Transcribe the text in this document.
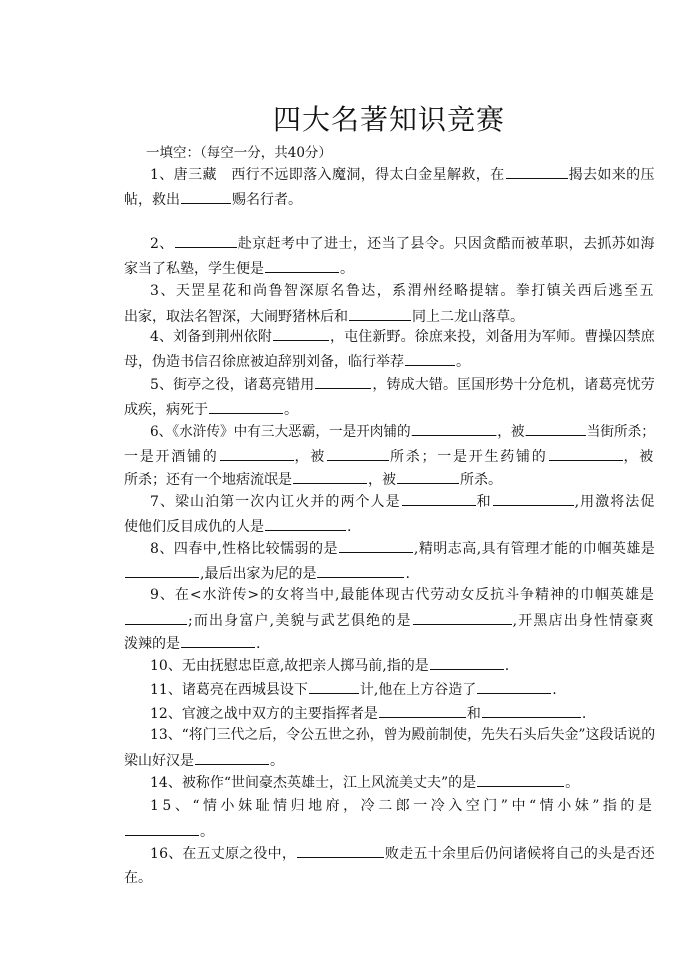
四大名著知识竞赛
一填空：（每空一分，共40分）
1、唐三藏　西行不远即落入魔洞，得太白金星解救，在	揭去如来的压
帖，救出	赐名行者。
2、	赴京赶考中了进士，还当了县令。只因贪酷而被革职，去抓苏如海
家当了私塾，学生便是	。
3、天罡星花和尚鲁智深原名鲁达，系渭州经略提辖。拳打镇关西后逃至五
出家，取法名智深，大闹野猪林后和	同上二龙山落草。
4、刘备到荆州依附	，屯住新野。徐庶来投，刘备用为军师。曹操囚禁庶
母，伪造书信召徐庶被迫辞别刘备，临行举荐	。
5、街亭之役，诸葛亮错用	，铸成大错。匡国形势十分危机，诸葛亮忧劳
成疾，病死于	。
6、《水浒传》中有三大恶霸，一是开肉铺的	，被	当街所杀；
一是开酒铺的	，被	所杀；一是开生药铺的	，被
所杀；还有一个地痞流氓是	，被	所杀。
7、梁山泊第一次内讧火并的两个人是	和	,用激将法促
使他们反目成仇的人是	.
8、四春中,性格比较懦弱的是	,精明志高,具有管理才能的巾帼英雄是
,最后出家为尼的是	.
9、在<水浒传>的女将当中,最能体现古代劳动女反抗斗争精神的巾帼英雄是
;而出身富户,美貌与武艺俱绝的是	,开黑店出身性情豪爽
泼辣的是	.
10、无由抚慰忠臣意,故把亲人掷马前,指的是	.
11、诸葛亮在西城县设下	计,他在上方谷造了	.
12、官渡之战中双方的主要指挥者是	和	.
13、“将门三代之后，令公五世之孙，曾为殿前制使，先失石头后失金”这段话说的
梁山好汉是	。
14、被称作“世间豪杰英雄士，江上风流美丈夫”的是	。
15、“情小妹耻情归地府，冷二郎一冷入空门”中“情小妹”指的是
。
16、在五丈原之役中，	败走五十余里后仍问诸候将自己的头是否还
在。
